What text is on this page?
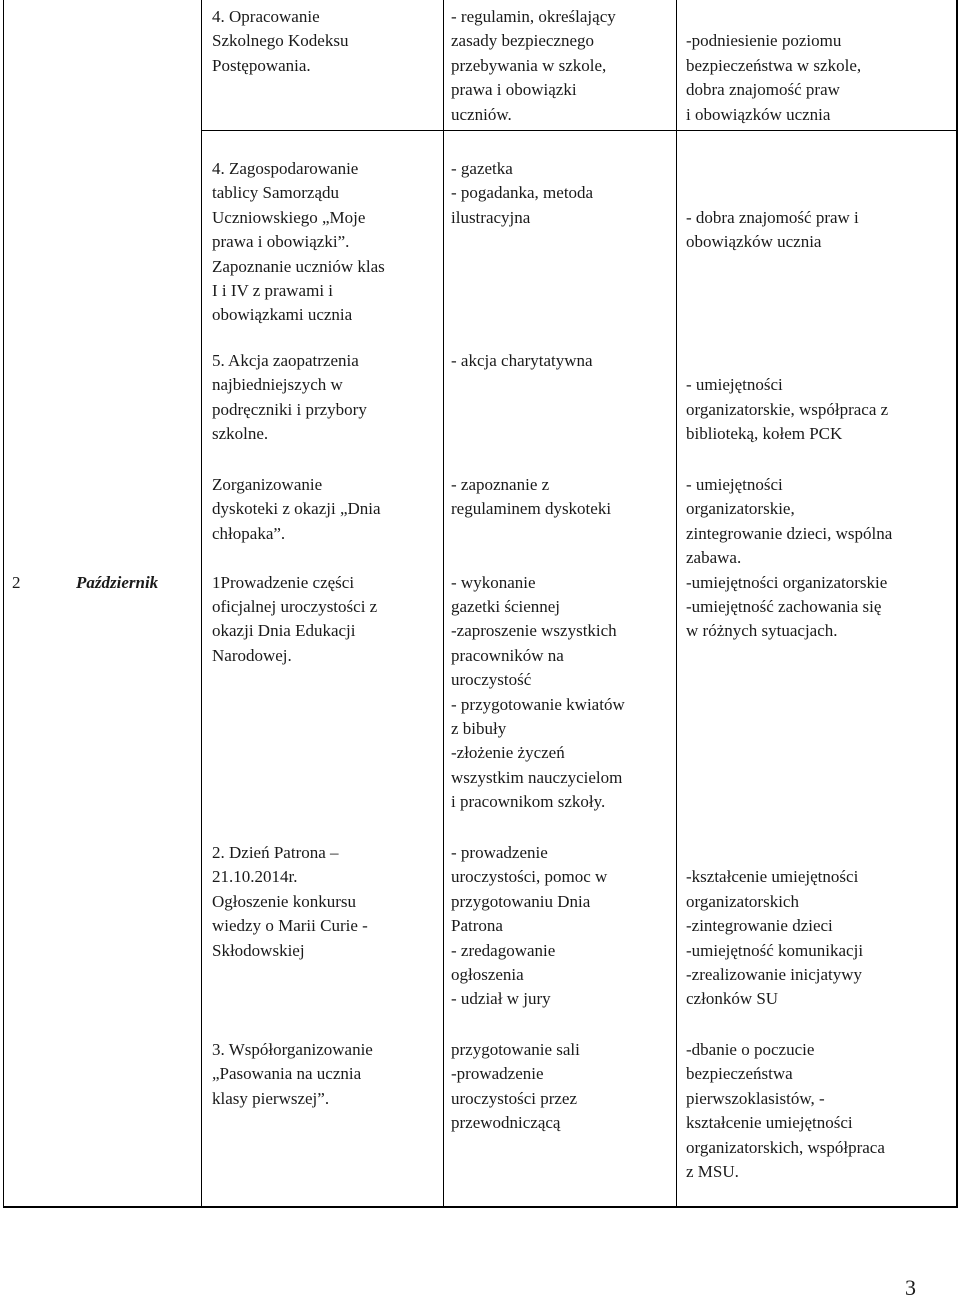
2	Październik
4. Opracowanie
Szkolnego Kodeksu
Postępowania.
- regulamin, określający
zasady bezpiecznego
przebywania w szkole,
prawa i obowiązki
uczniów.

-podniesienie poziomu
bezpieczeństwa w szkole,
dobra znajomość praw
i obowiązków ucznia
4. Zagospodarowanie
tablicy Samorządu
Uczniowskiego „Moje
prawa i obowiązki”.
Zapoznanie uczniów klas
I i IV z prawami i
obowiązkami ucznia
- gazetka
- pogadanka, metoda
ilustracyjna	

- dobra znajomość praw i
obowiązków ucznia
5. Akcja zaopatrzenia
najbiedniejszych w
podręczniki i przybory
szkolne.
- akcja charytatywna

- umiejętności
organizatorskie, współpraca z
biblioteką, kołem PCK
Zorganizowanie
dyskoteki z okazji „Dnia
chłopaka”.

1Prowadzenie części
oficjalnej uroczystości z
okazji Dnia Edukacji
Narodowej.
- zapoznanie z
regulaminem dyskoteki

- wykonanie
gazetki ściennej
-zaproszenie wszystkich
pracowników na
uroczystość
- przygotowanie kwiatów
z bibuły
-złożenie życzeń
wszystkim nauczycielom
i pracownikom szkoły.
- umiejętności
organizatorskie,
zintegrowanie dzieci, wspólna
zabawa.
-umiejętności organizatorskie
-umiejętność zachowania się
w różnych sytuacjach.
2. Dzień Patrona –
21.10.2014r.
Ogłoszenie konkursu
wiedzy o Marii Curie -
Skłodowskiej
- prowadzenie
uroczystości, pomoc w
przygotowaniu Dnia
Patrona
- zredagowanie
ogłoszenia
- udział w jury

-kształcenie umiejętności
organizatorskich
-zintegrowanie dzieci
-umiejętność komunikacji
-zrealizowanie inicjatywy
członków SU
3. Współorganizowanie
„Pasowania na ucznia
klasy pierwszej”.
przygotowanie sali
-prowadzenie
uroczystości przez
przewodniczącą
-dbanie o poczucie
bezpieczeństwa
pierwszoklasistów, -
kształcenie umiejętności
organizatorskich, współpraca
z MSU.
3
